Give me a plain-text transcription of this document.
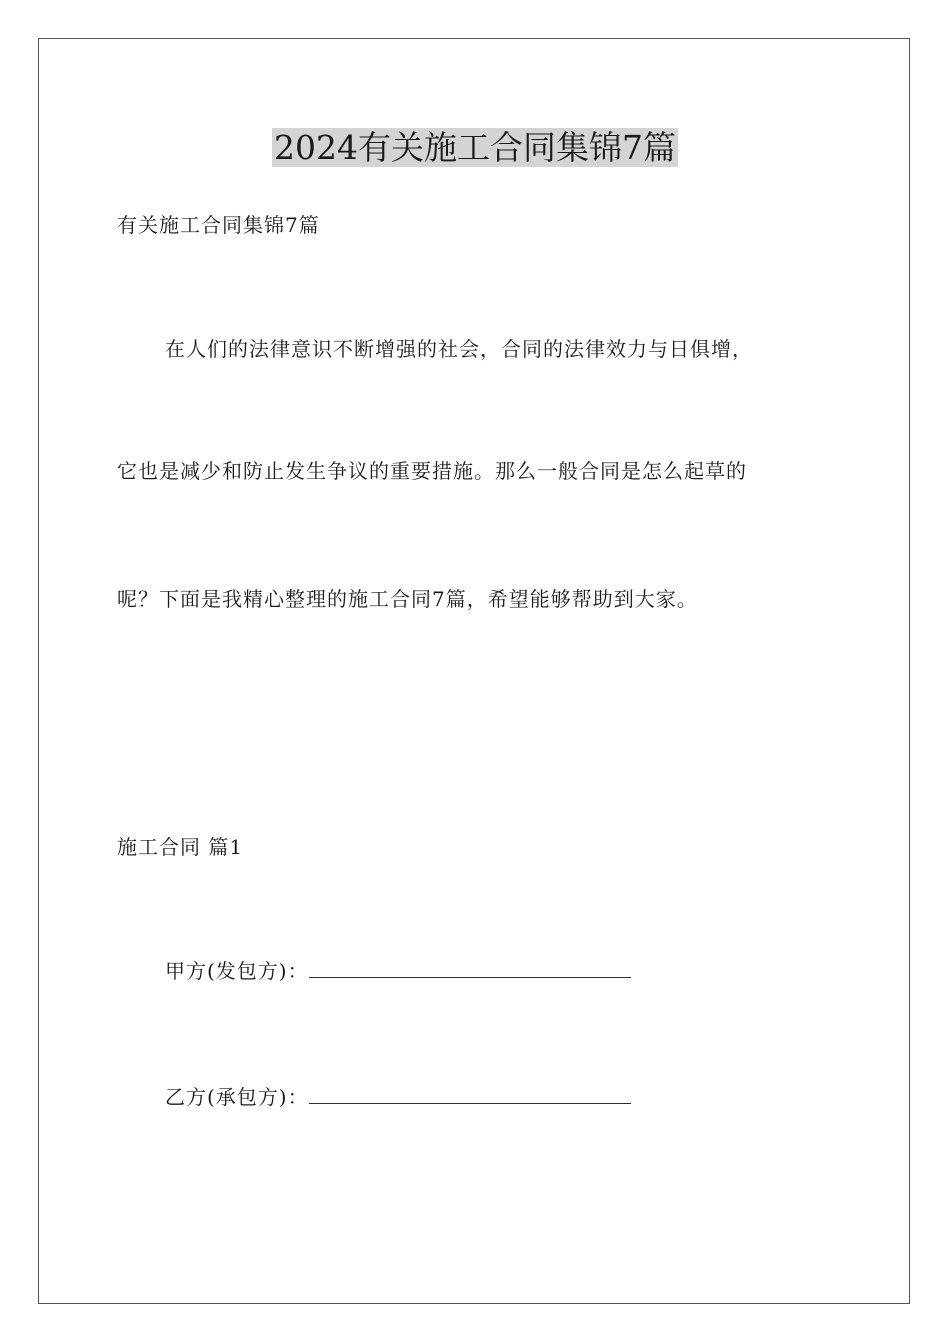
2024有关施工合同集锦7篇
有关施工合同集锦7篇
在人们的法律意识不断增强的社会，合同的法律效力与日俱增，
它也是减少和防止发生争议的重要措施。那么一般合同是怎么起草的
呢？下面是我精心整理的施工合同7篇，希望能够帮助到大家。
施工合同 篇1
甲方(发包方)：
乙方(承包方)：
